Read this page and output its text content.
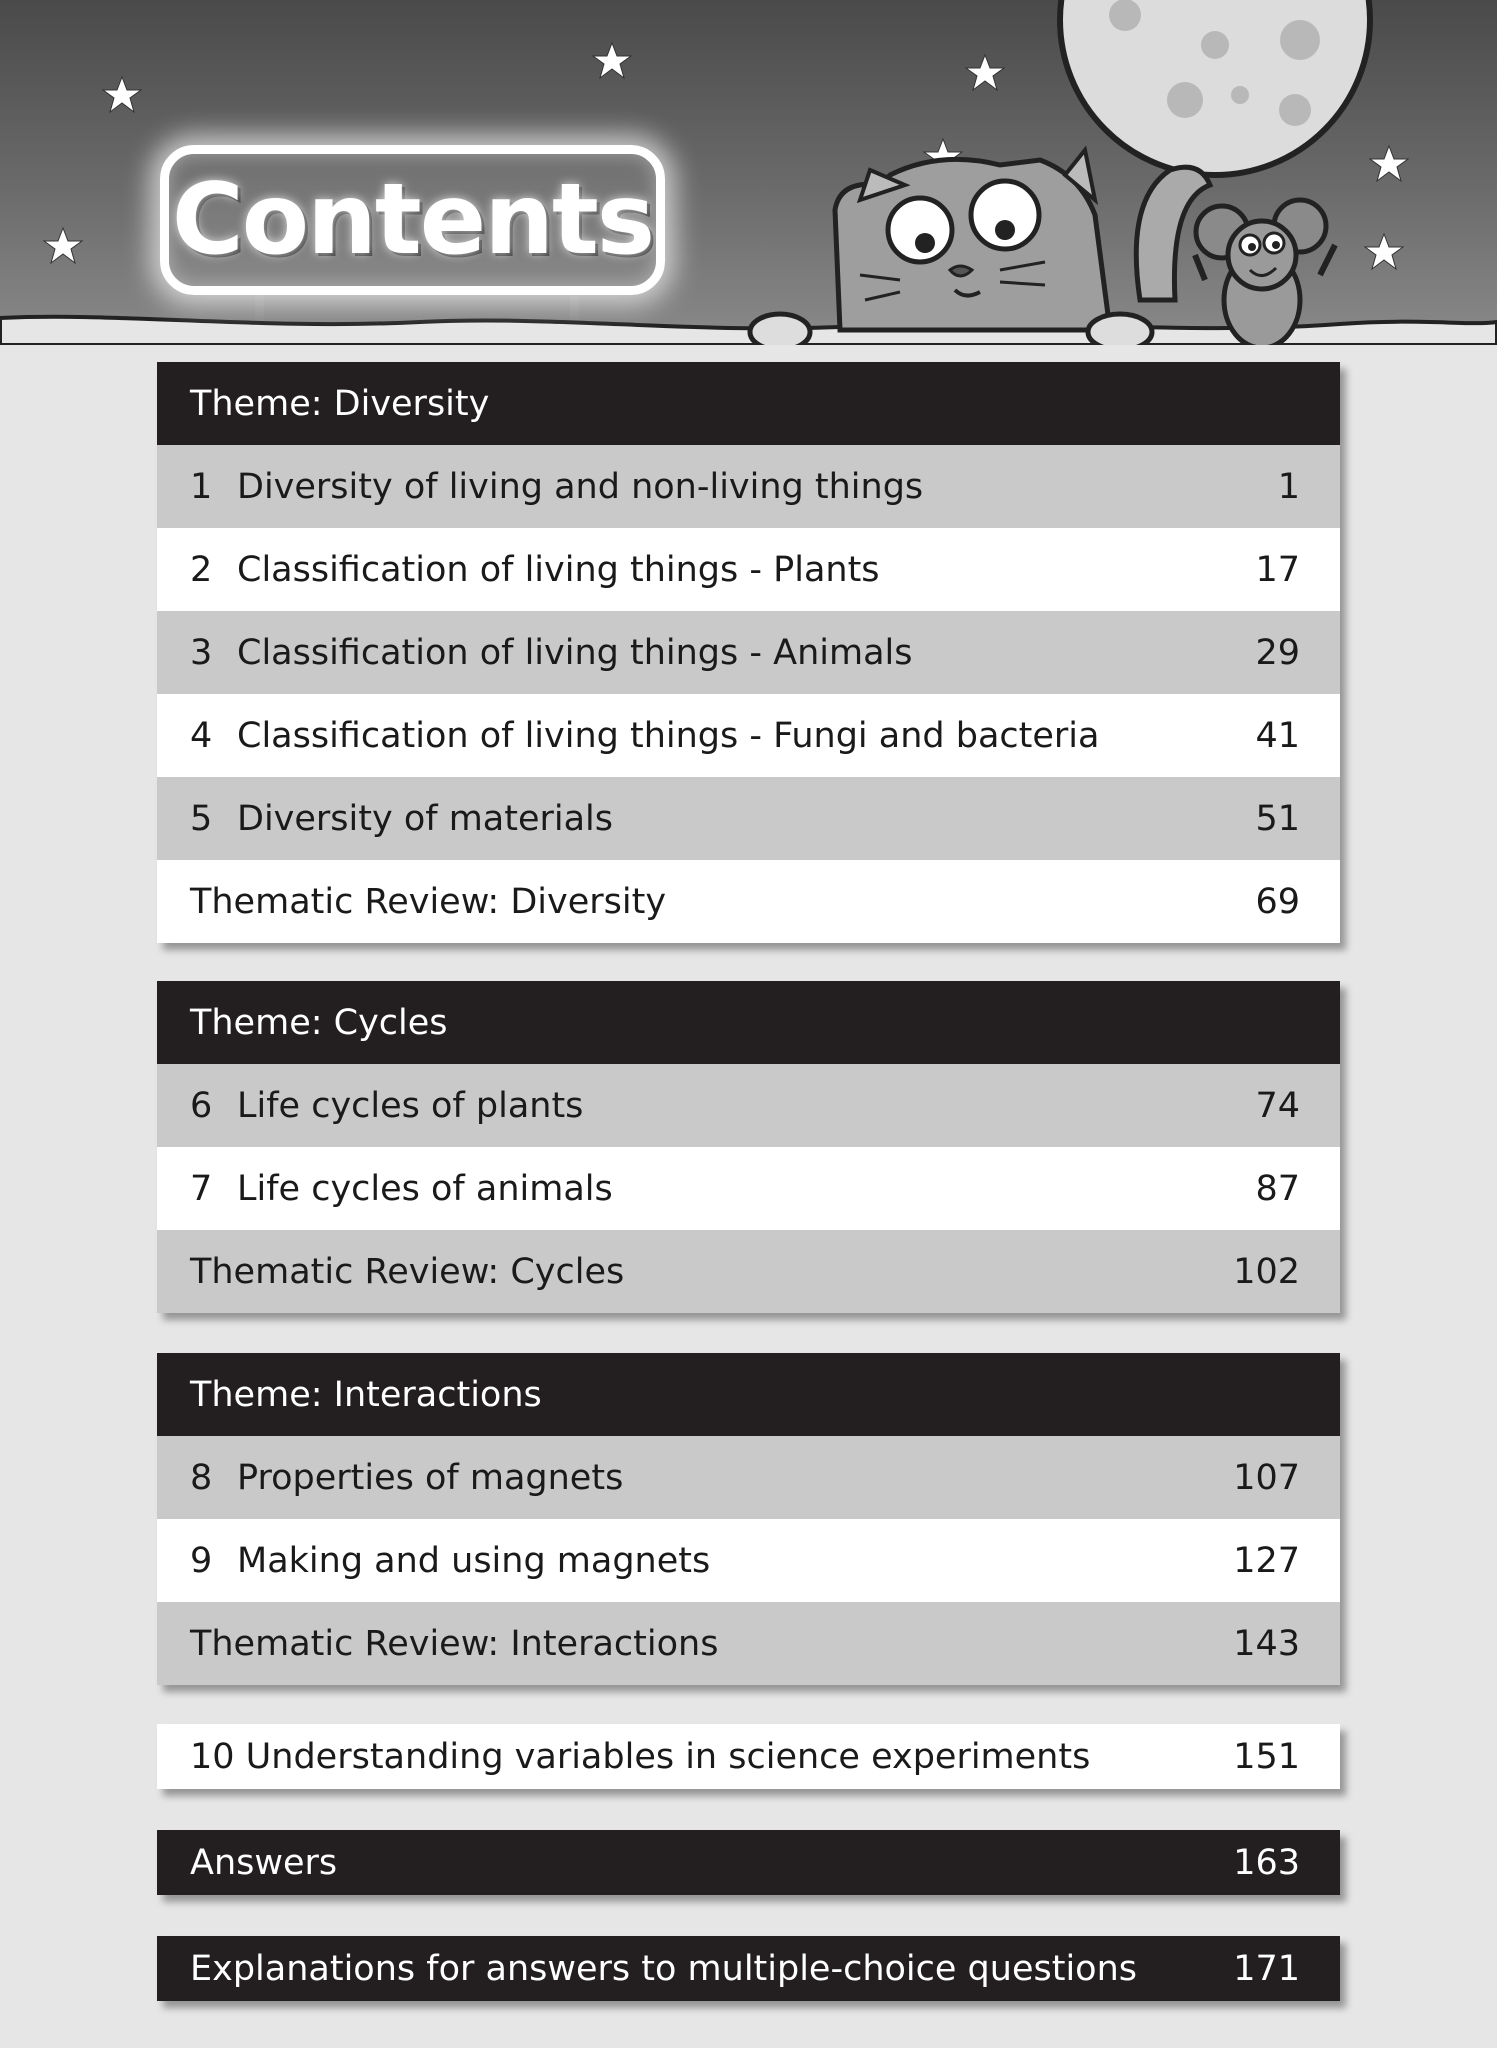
Contents
Theme: Diversity
1 Diversity of living and non-living things	1
2 Classification of living things - Plants	17
3 Classification of living things - Animals	29
4 Classification of living things - Fungi and bacteria	41
5 Diversity of materials	51
Thematic Review: Diversity	69
Theme: Cycles
6 Life cycles of plants	74
7 Life cycles of animals	87
Thematic Review: Cycles	102
Theme: Interactions
8 Properties of magnets	107
9 Making and using magnets	127
Thematic Review: Interactions	143
10 Understanding variables in science experiments	151
Answers	163
Explanations for answers to multiple-choice questions	171
